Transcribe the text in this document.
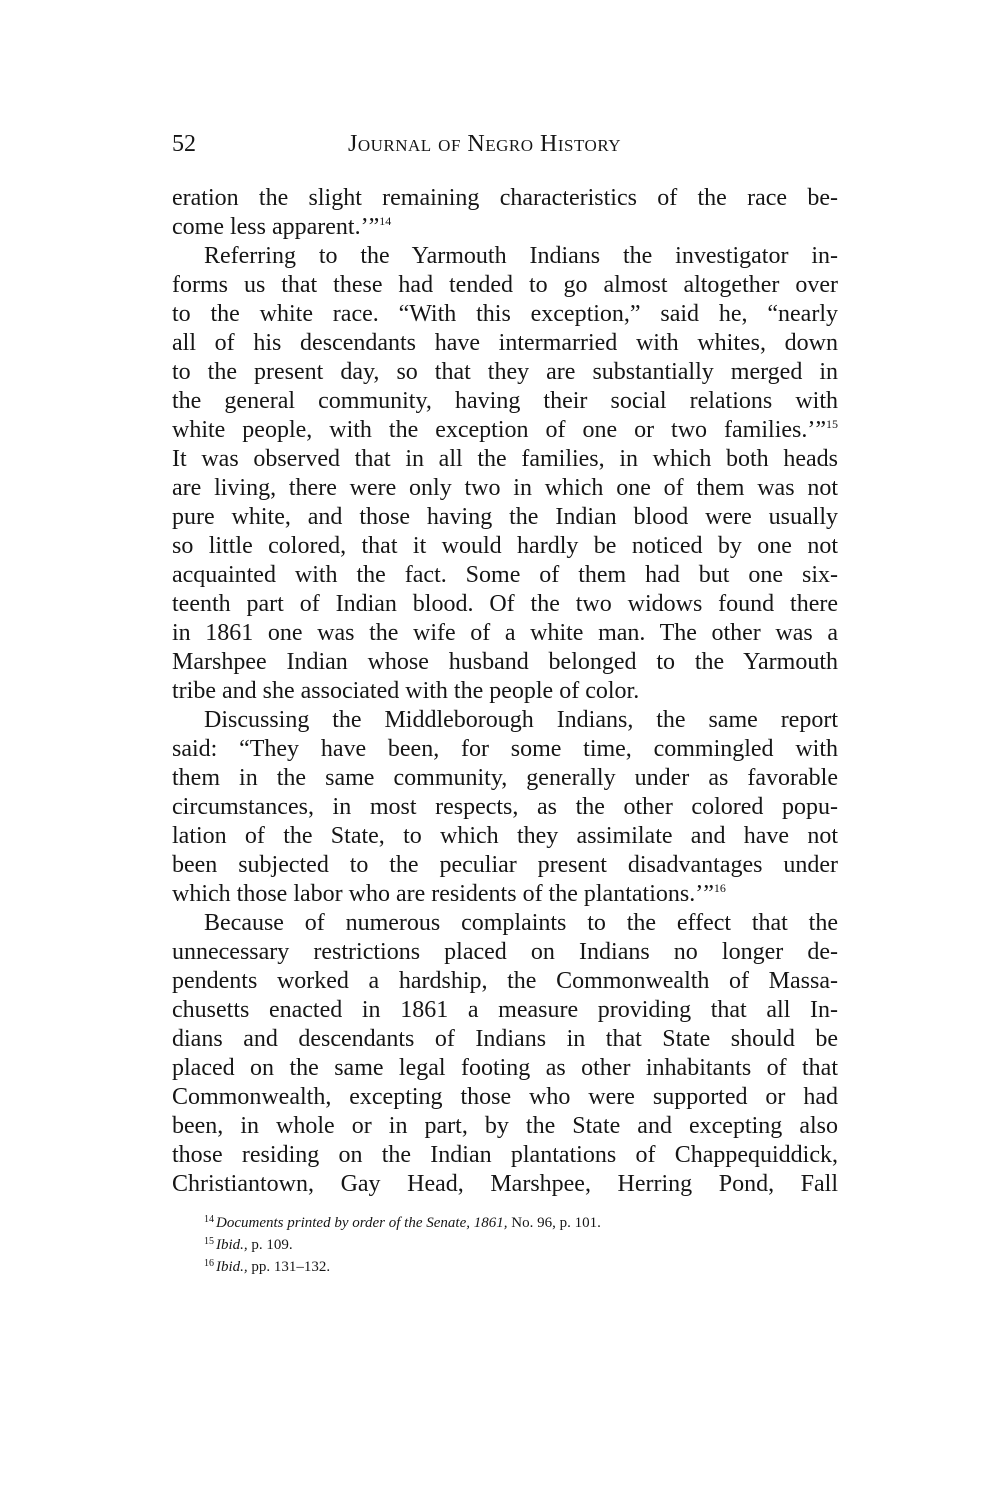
52	Journal of Negro History
eration the slight remaining characteristics of the race be-
come less apparent.’”$^{14}$
Referring to the Yarmouth Indians the investigator in-
forms us that these had tended to go almost altogether over
to the white race. “With this exception,” said he, “nearly
all of his descendants have intermarried with whites, down
to the present day, so that they are substantially merged in
the general community, having their social relations with
white people, with the exception of one or two families.’”$^{15}$
It was observed that in all the families, in which both heads
are living, there were only two in which one of them was not
pure white, and those having the Indian blood were usually
so little colored, that it would hardly be noticed by one not
acquainted with the fact. Some of them had but one six-
teenth part of Indian blood. Of the two widows found there
in 1861 one was the wife of a white man. The other was a
Marshpee Indian whose husband belonged to the Yarmouth
tribe and she associated with the people of color.
Discussing the Middleborough Indians, the same report
said: “They have been, for some time, commingled with
them in the same community, generally under as favorable
circumstances, in most respects, as the other colored popu-
lation of the State, to which they assimilate and have not
been subjected to the peculiar present disadvantages under
which those labor who are residents of the plantations.’”$^{16}$
Because of numerous complaints to the effect that the
unnecessary restrictions placed on Indians no longer de-
pendents worked a hardship, the Commonwealth of Massa-
chusetts enacted in 1861 a measure providing that all In-
dians and descendants of Indians in that State should be
placed on the same legal footing as other inhabitants of that
Commonwealth, excepting those who were supported or had
been, in whole or in part, by the State and excepting also
those residing on the Indian plantations of Chappequiddick,
Christiantown, Gay Head, Marshpee, Herring Pond, Fall
$^{14}$ Documents printed by order of the Senate, 1861, No. 96, p. 101.
$^{15}$ Ibid., p. 109.
$^{16}$ Ibid., pp. 131–132.
